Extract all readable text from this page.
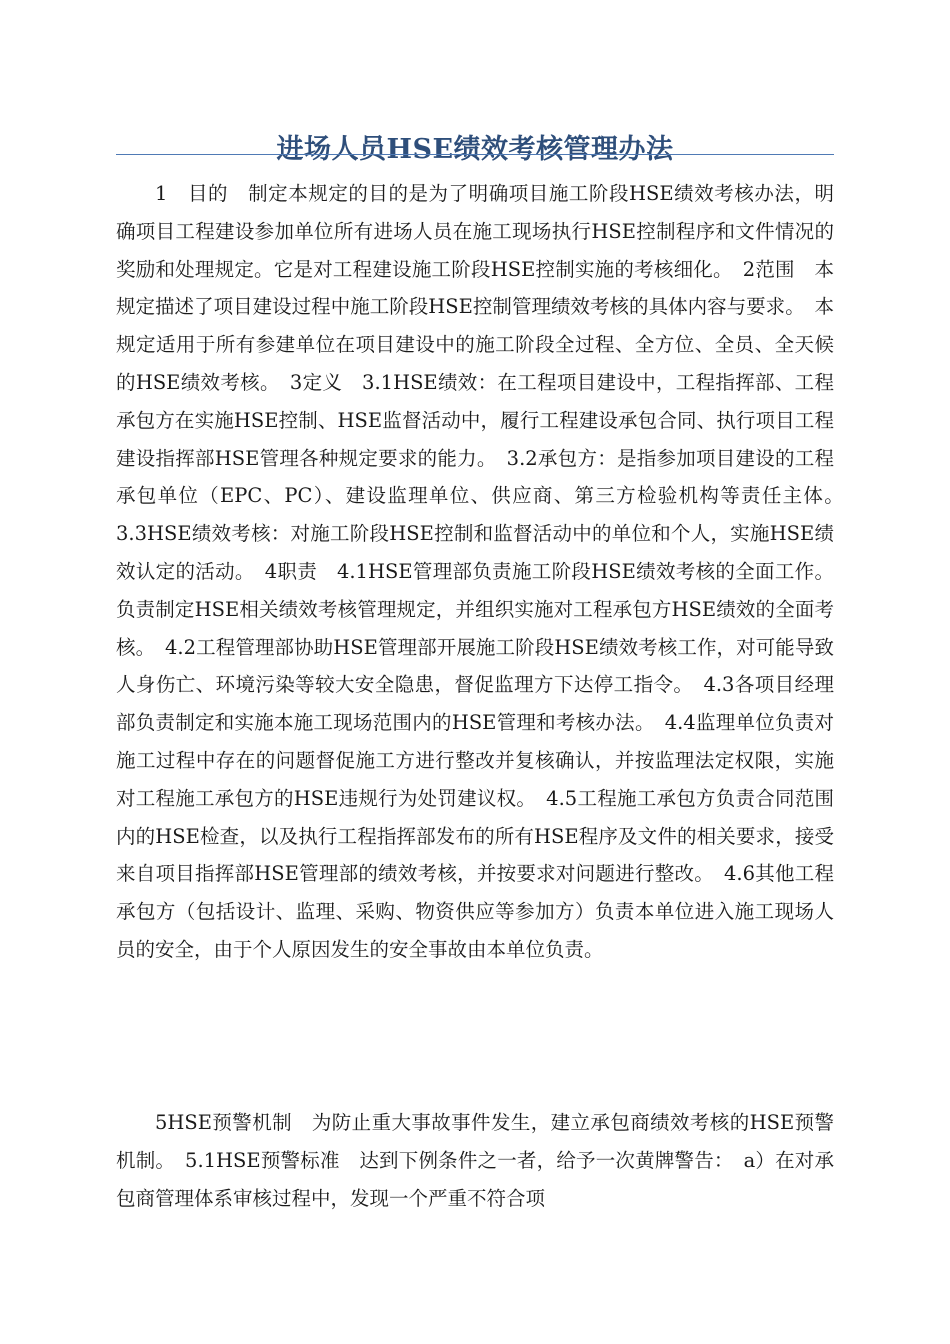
进场人员HSE绩效考核管理办法

1　目的　制定本规定的目的是为了明确项目施工阶段HSE绩效考核办法，明确项目工程建设参加单位所有进场人员在施工现场执行HSE控制程序和文件情况的奖励和处理规定。它是对工程建设施工阶段HSE控制实施的考核细化。　2范围　本规定描述了项目建设过程中施工阶段HSE控制管理绩效考核的具体内容与要求。　本规定适用于所有参建单位在项目建设中的施工阶段全过程、全方位、全员、全天候的HSE绩效考核。　3定义　3.1HSE绩效：在工程项目建设中，工程指挥部、工程承包方在实施HSE控制、HSE监督活动中，履行工程建设承包合同、执行项目工程建设指挥部HSE管理各种规定要求的能力。　3.2承包方：是指参加项目建设的工程承包单位（EPC、PC）、建设监理单位、供应商、第三方检验机构等责任主体。　3.3HSE绩效考核：对施工阶段HSE控制和监督活动中的单位和个人，实施HSE绩效认定的活动。　4职责　4.1HSE管理部负责施工阶段HSE绩效考核的全面工作。负责制定HSE相关绩效考核管理规定，并组织实施对工程承包方HSE绩效的全面考核。　4.2工程管理部协助HSE管理部开展施工阶段HSE绩效考核工作，对可能导致人身伤亡、环境污染等较大安全隐患，督促监理方下达停工指令。　4.3各项目经理部负责制定和实施本施工现场范围内的HSE管理和考核办法。　4.4监理单位负责对施工过程中存在的问题督促施工方进行整改并复核确认，并按监理法定权限，实施对工程施工承包方的HSE违规行为处罚建议权。　4.5工程施工承包方负责合同范围内的HSE检查，以及执行工程指挥部发布的所有HSE程序及文件的相关要求，接受来自项目指挥部HSE管理部的绩效考核，并按要求对问题进行整改。　4.6其他工程承包方（包括设计、监理、采购、物资供应等参加方）负责本单位进入施工现场人员的安全，由于个人原因发生的安全事故由本单位负责。

5HSE预警机制　为防止重大事故事件发生，建立承包商绩效考核的HSE预警机制。　5.1HSE预警标准　达到下例条件之一者，给予一次黄牌警告：　a）在对承包商管理体系审核过程中，发现一个严重不符合项
